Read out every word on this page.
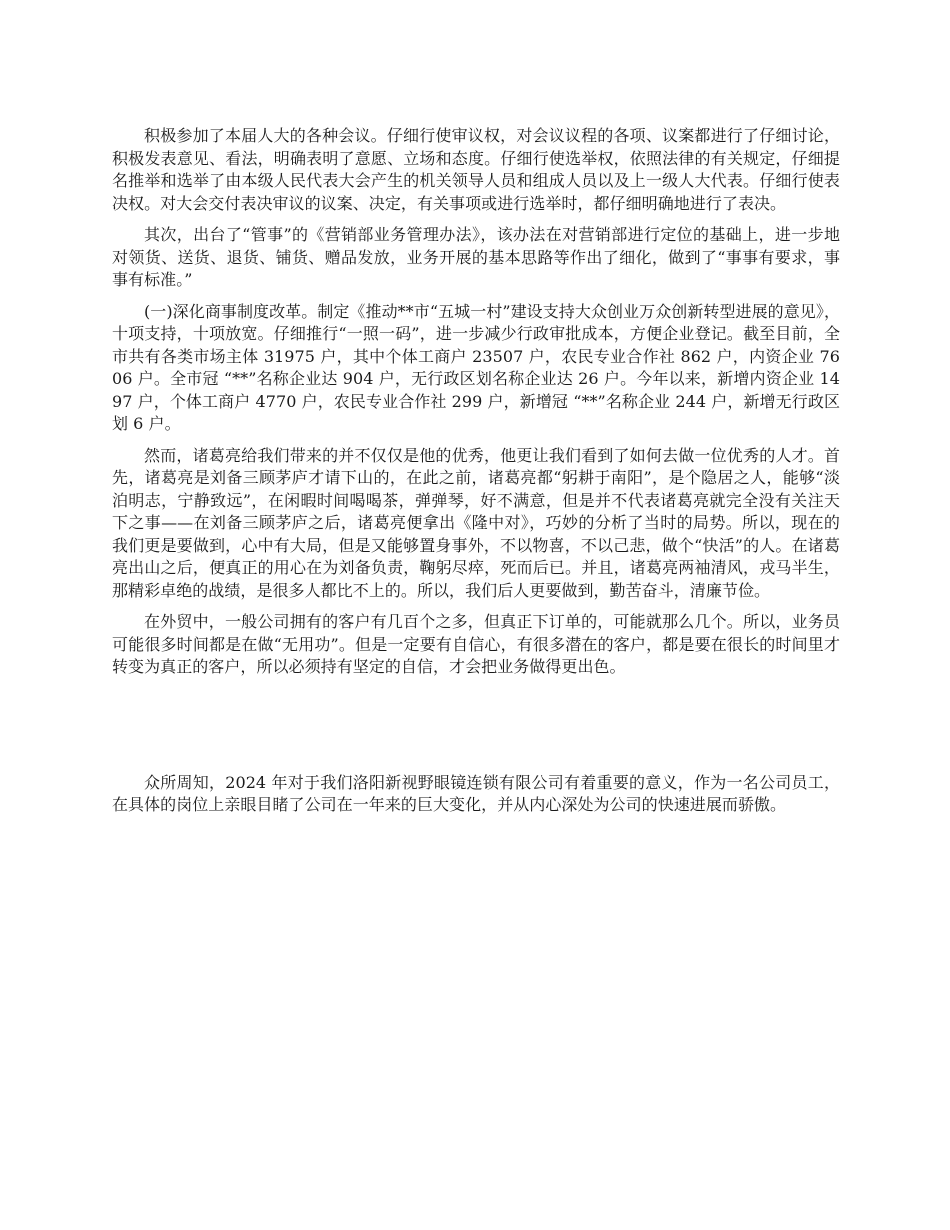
积极参加了本届人大的各种会议。仔细行使审议权，对会议议程的各项、议案都进行了仔细讨论，积极发表意见、看法，明确表明了意愿、立场和态度。仔细行使选举权，依照法律的有关规定，仔细提名推举和选举了由本级人民代表大会产生的机关领导人员和组成人员以及上一级人大代表。仔细行使表决权。对大会交付表决审议的议案、决定，有关事项或进行选举时，都仔细明确地进行了表决。

其次，出台了“管事”的《营销部业务管理办法》，该办法在对营销部进行定位的基础上，进一步地对领货、送货、退货、铺货、赠品发放，业务开展的基本思路等作出了细化，做到了“事事有要求，事事有标准。”

(一)深化商事制度改革。制定《推动**市“五城一村”建设支持大众创业万众创新转型进展的意见》，十项支持，十项放宽。仔细推行“一照一码”，进一步减少行政审批成本，方便企业登记。截至目前，全市共有各类市场主体 31975 户，其中个体工商户 23507 户，农民专业合作社 862 户，内资企业 7606 户。全市冠 “**”名称企业达 904 户，无行政区划名称企业达 26 户。今年以来，新增内资企业 1497 户，个体工商户 4770 户，农民专业合作社 299 户，新增冠 “**”名称企业 244 户，新增无行政区划 6 户。

然而，诸葛亮给我们带来的并不仅仅是他的优秀，他更让我们看到了如何去做一位优秀的人才。首先，诸葛亮是刘备三顾茅庐才请下山的，在此之前，诸葛亮都“躬耕于南阳”，是个隐居之人，能够“淡泊明志，宁静致远”，在闲暇时间喝喝茶，弹弹琴，好不满意，但是并不代表诸葛亮就完全没有关注天下之事——在刘备三顾茅庐之后，诸葛亮便拿出《隆中对》，巧妙的分析了当时的局势。所以，现在的我们更是要做到，心中有大局，但是又能够置身事外，不以物喜，不以己悲，做个“快活”的人。在诸葛亮出山之后，便真正的用心在为刘备负责，鞠躬尽瘁，死而后已。并且，诸葛亮两袖清风，戎马半生，那精彩卓绝的战绩，是很多人都比不上的。所以，我们后人更要做到，勤苦奋斗，清廉节俭。

在外贸中，一般公司拥有的客户有几百个之多，但真正下订单的，可能就那么几个。所以，业务员可能很多时间都是在做“无用功”。但是一定要有自信心，有很多潜在的客户，都是要在很长的时间里才转变为真正的客户，所以必须持有坚定的自信，才会把业务做得更出色。

众所周知，2024 年对于我们洛阳新视野眼镜连锁有限公司有着重要的意义，作为一名公司员工，在具体的岗位上亲眼目睹了公司在一年来的巨大变化，并从内心深处为公司的快速进展而骄傲。
